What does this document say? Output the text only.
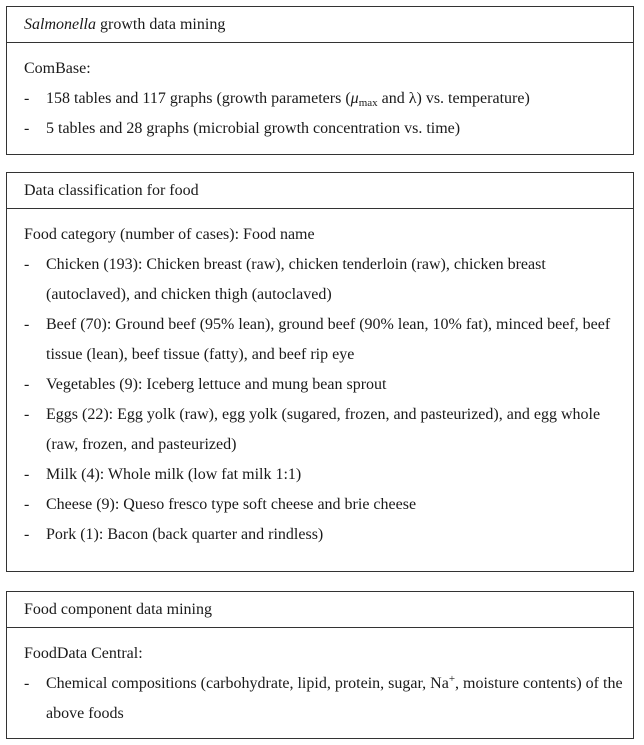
Salmonella growth data mining
ComBase:
-	158 tables and 117 graphs (growth parameters ($\mu_{max}$ and λ) vs. temperature)
-	5 tables and 28 graphs (microbial growth concentration vs. time)
Data classification for food
Food category (number of cases): Food name
-	Chicken (193): Chicken breast (raw), chicken tenderloin (raw), chicken breast (autoclaved), and chicken thigh (autoclaved)
-	Beef (70): Ground beef (95% lean), ground beef (90% lean, 10% fat), minced beef, beef tissue (lean), beef tissue (fatty), and beef rip eye
-	Vegetables (9): Iceberg lettuce and mung bean sprout
-	Eggs (22): Egg yolk (raw), egg yolk (sugared, frozen, and pasteurized), and egg whole (raw, frozen, and pasteurized)
-	Milk (4): Whole milk (low fat milk 1:1)
-	Cheese (9): Queso fresco type soft cheese and brie cheese
-	Pork (1): Bacon (back quarter and rindless)
Food component data mining
FoodData Central:
-	Chemical compositions (carbohydrate, lipid, protein, sugar, Na+, moisture contents) of the above foods
